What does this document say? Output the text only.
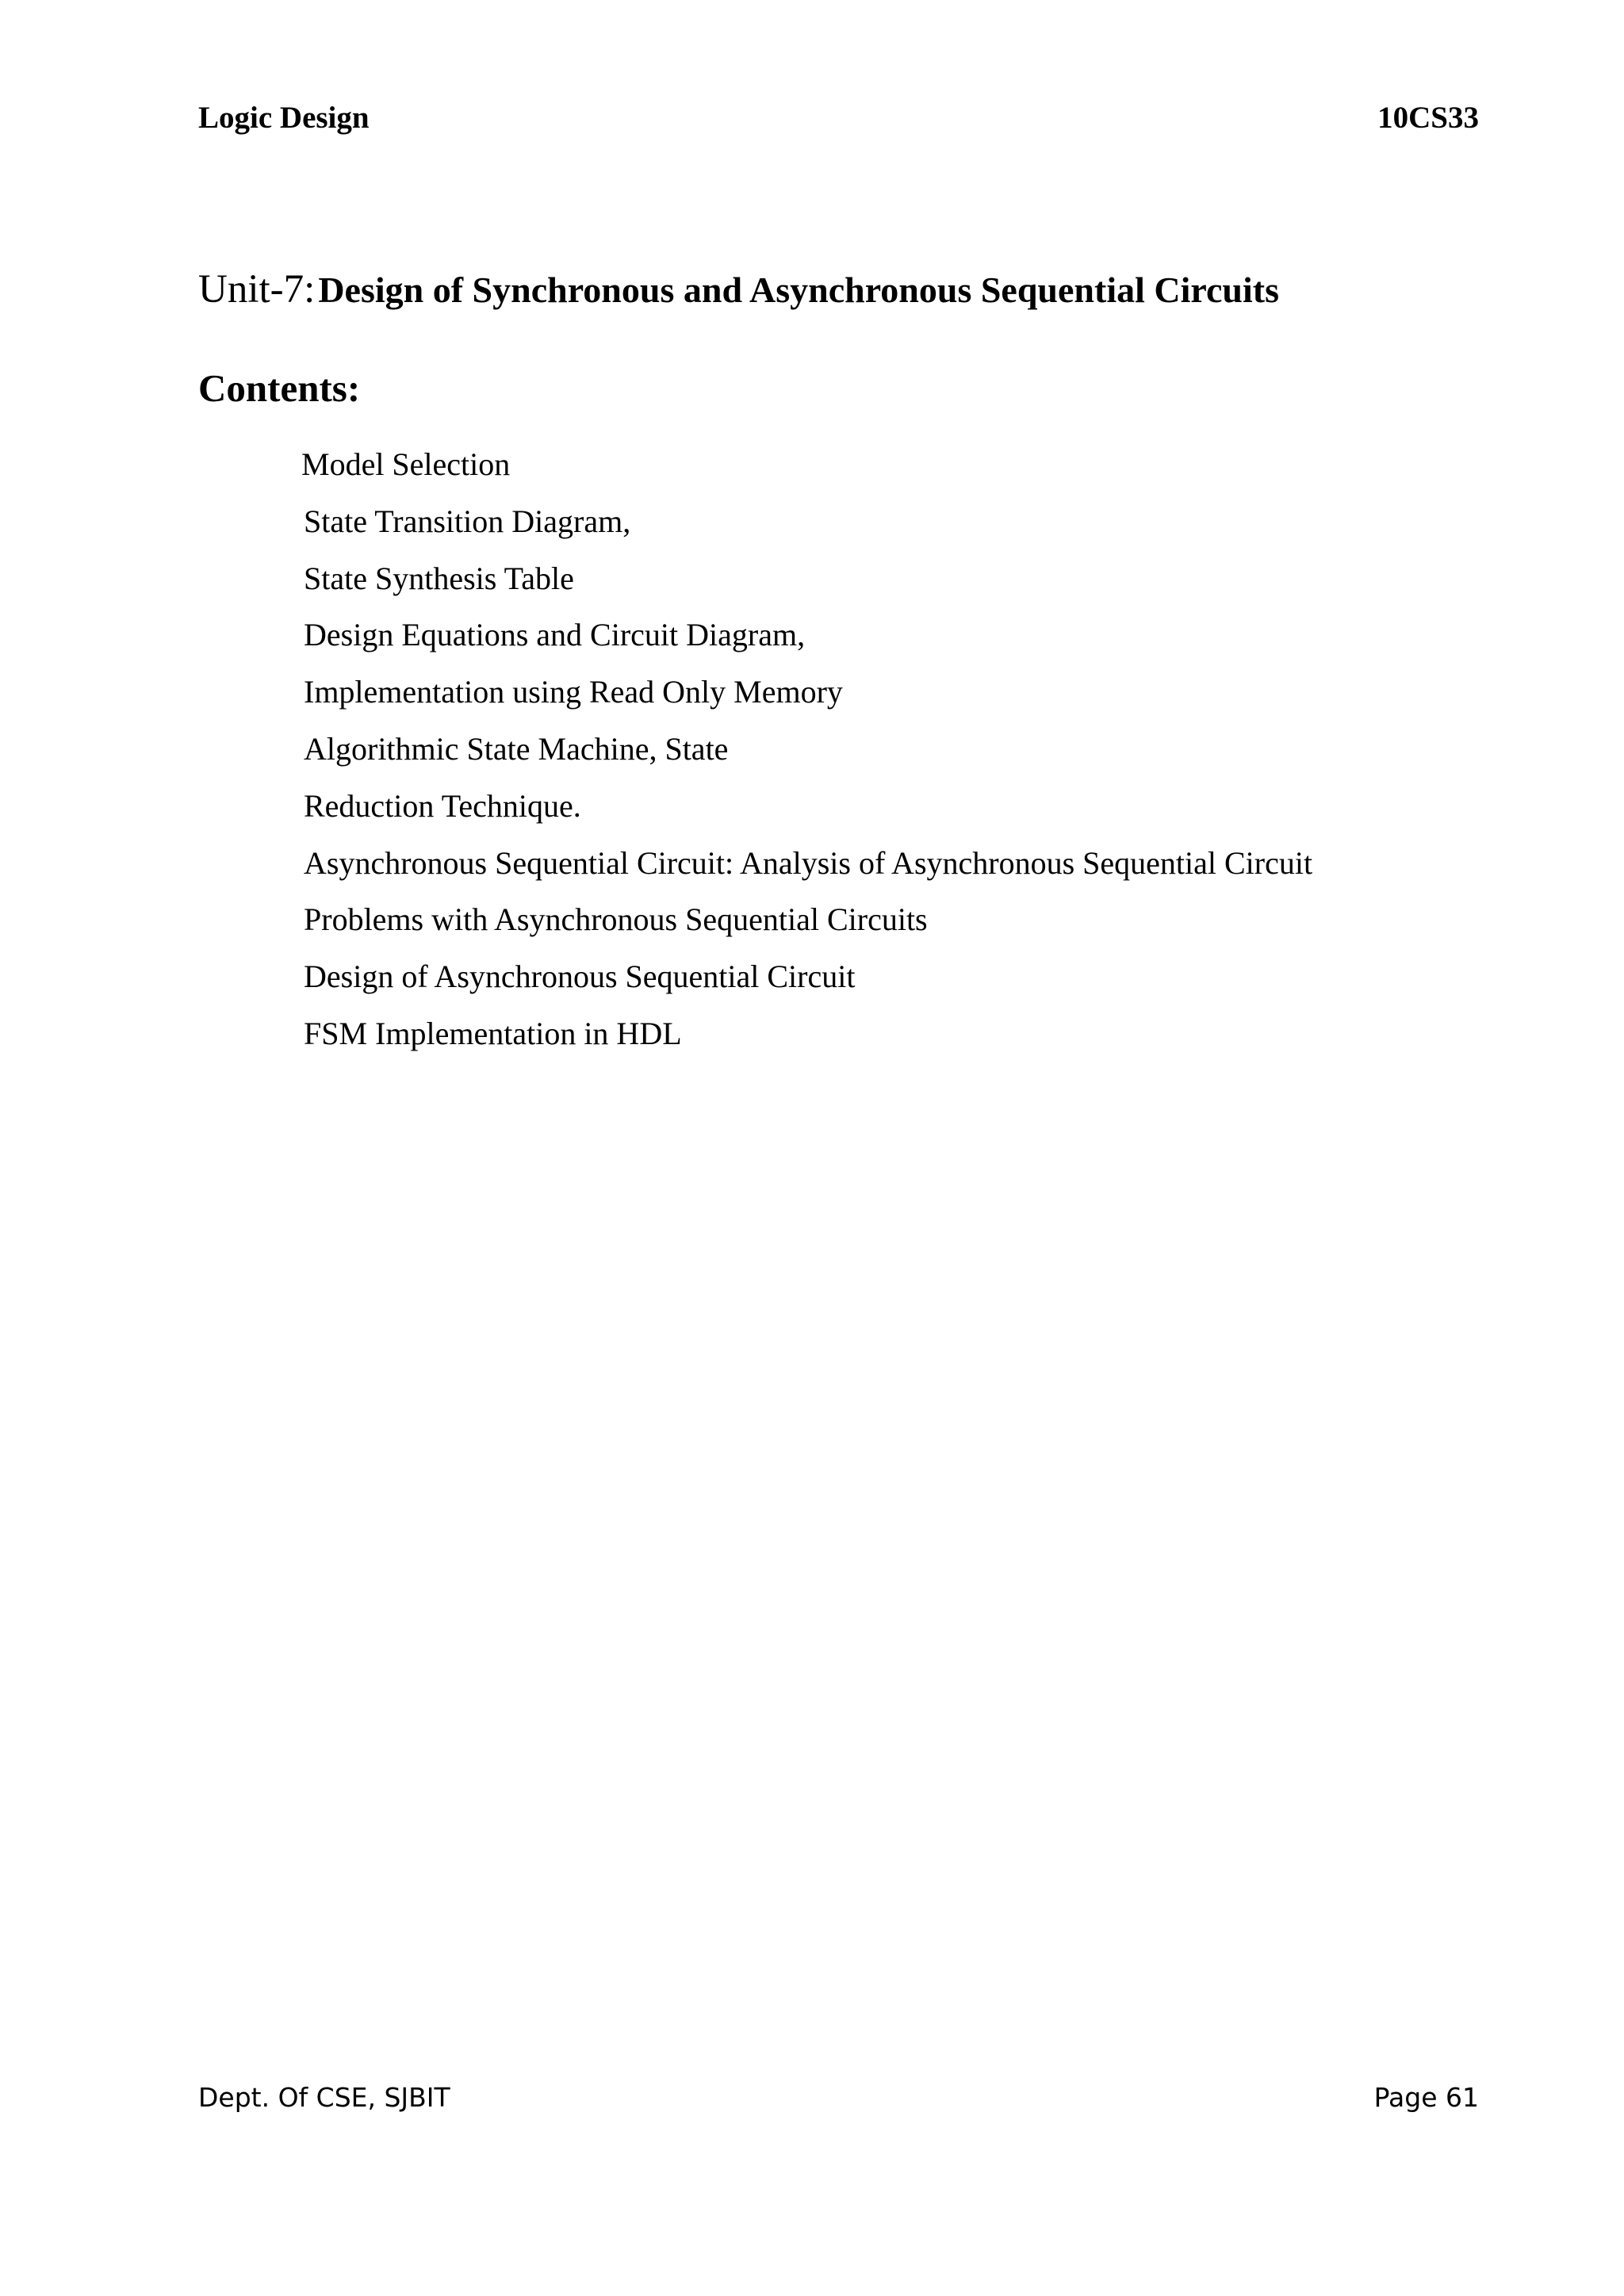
Logic Design	10CS33
Unit-7: Design of Synchronous and Asynchronous Sequential Circuits
Contents:
Model Selection
State Transition Diagram,
State Synthesis Table
Design Equations and Circuit Diagram,
Implementation using Read Only Memory
Algorithmic State Machine, State
Reduction Technique.
Asynchronous Sequential Circuit: Analysis of Asynchronous Sequential Circuit
Problems with Asynchronous Sequential Circuits
Design of Asynchronous Sequential Circuit
FSM Implementation in HDL
Dept. Of CSE, SJBIT	Page 61
